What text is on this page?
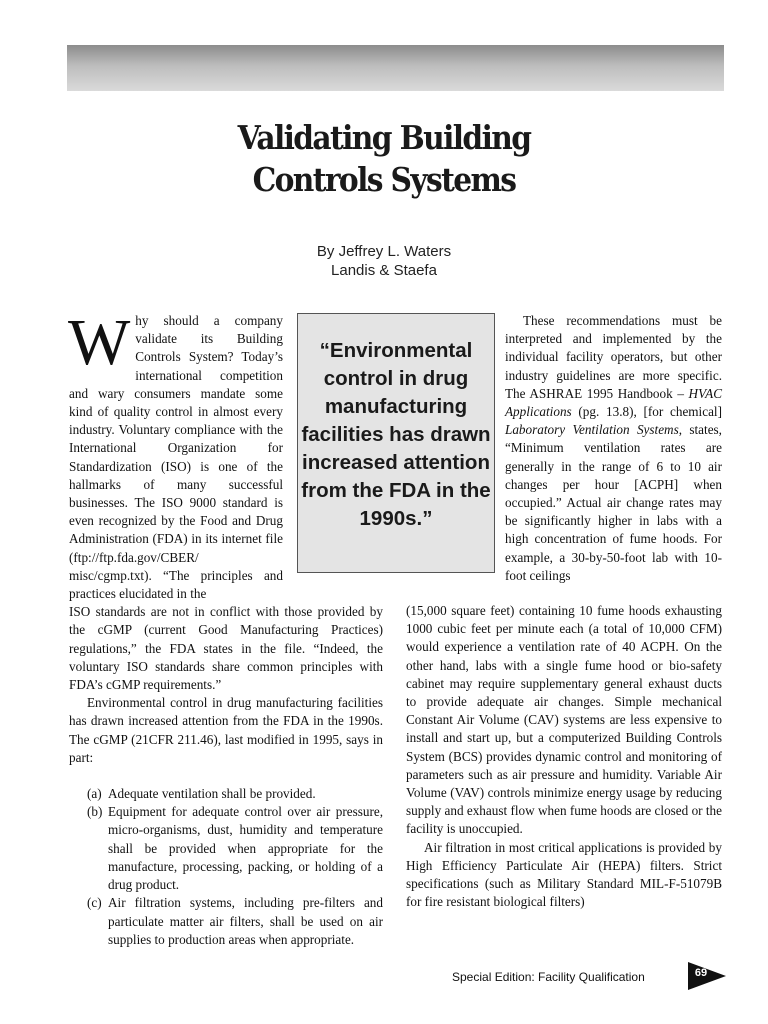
Validating Building
Controls Systems
By Jeffrey L. Waters
Landis & Staefa
Why should a company validate its Building Controls System? Today’s international competition and wary consumers mandate some kind of quality control in almost every industry. Voluntary compliance with the International Organization for Standardization (ISO) is one of the hallmarks of many successful businesses. The ISO 9000 standard is even recognized by the Food and Drug Administration (FDA) in its internet file (ftp://ftp.fda.gov/CBER/ misc/cgmp.txt). “The principles and practices elucidated in the

ISO standards are not in conflict with those provided by the cGMP (current Good Manufacturing Practices) regulations,” the FDA states in the file. “Indeed, the voluntary ISO standards share common principles with FDA’s cGMP requirements.”

Environmental control in drug manufacturing facilities has drawn increased attention from the FDA in the 1990s. The cGMP (21CFR 211.46), last modified in 1995, says in part:

(a) Adequate ventilation shall be provided.
(b) Equipment for adequate control over air pressure, micro-organisms, dust, humidity and temperature shall be provided when appropriate for the manufacture, processing, packing, or holding of a drug product.
(c) Air filtration systems, including pre-filters and particulate matter air filters, shall be used on air supplies to production areas when appropriate.
“Environmental control in drug manufacturing facilities has drawn increased attention from the FDA in the 1990s.”

These recommendations must be interpreted and implemented by the individual facility operators, but other industry guidelines are more specific. The ASHRAE 1995 Handbook – HVAC Applications (pg. 13.8), [for chemical] Laboratory Ventilation Systems, states, “Minimum ventilation rates are generally in the range of 6 to 10 air changes per hour [ACPH] when occupied.” Actual air change rates may be significantly higher in labs with a high concentration of fume hoods. For example, a 30-by-50-foot lab with 10-foot ceilings

(15,000 square feet) containing 10 fume hoods exhausting 1000 cubic feet per minute each (a total of 10,000 CFM) would experience a ventilation rate of 40 ACPH. On the other hand, labs with a single fume hood or bio-safety cabinet may require supplementary general exhaust ducts to provide adequate air changes. Simple mechanical Constant Air Volume (CAV) systems are less expensive to install and start up, but a computerized Building Controls System (BCS) provides dynamic control and monitoring of parameters such as air pressure and humidity. Variable Air Volume (VAV) controls minimize energy usage by reducing supply and exhaust flow when fume hoods are closed or the facility is unoccupied.

Air filtration in most critical applications is provided by High Efficiency Particulate Air (HEPA) filters. Strict specifications (such as Military Standard MIL-F-51079B for fire resistant biological filters)

Special Edition: Facility Qualification	69
